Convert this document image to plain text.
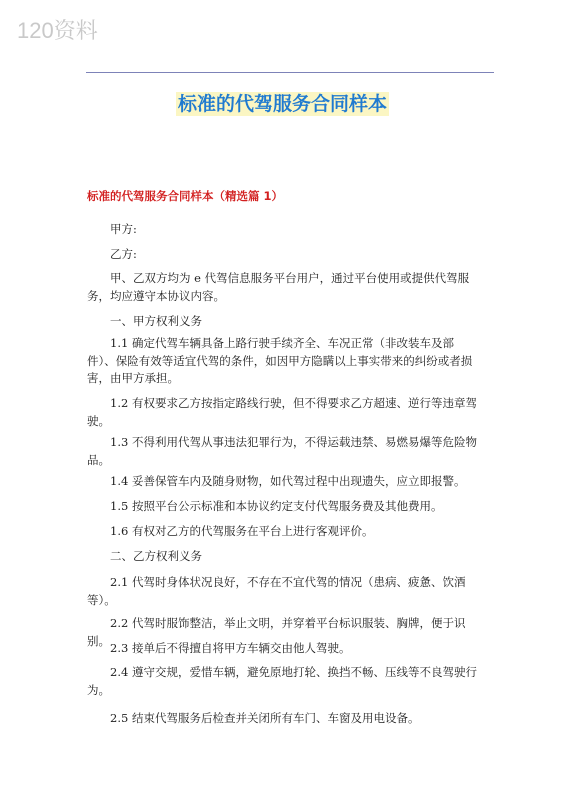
120资料
标准的代驾服务合同样本
标准的代驾服务合同样本（精选篇 1）

甲方:

乙方:

甲、乙双方均为 e 代驾信息服务平台用户，通过平台使用或提供代驾服务，均应遵守本协议内容。

一、甲方权利义务

1.1 确定代驾车辆具备上路行驶手续齐全、车况正常（非改装车及部件）、保险有效等适宜代驾的条件，如因甲方隐瞒以上事实带来的纠纷或者损害，由甲方承担。

1.2 有权要求乙方按指定路线行驶，但不得要求乙方超速、逆行等违章驾驶。

1.3 不得利用代驾从事违法犯罪行为，不得运载违禁、易燃易爆等危险物品。

1.4 妥善保管车内及随身财物，如代驾过程中出现遗失，应立即报警。

1.5 按照平台公示标准和本协议约定支付代驾服务费及其他费用。

1.6 有权对乙方的代驾服务在平台上进行客观评价。

二、乙方权利义务

2.1 代驾时身体状况良好，不存在不宜代驾的情况（患病、疲惫、饮酒等）。

2.2 代驾时服饰整洁，举止文明，并穿着平台标识服装、胸牌，便于识别。

2.3 接单后不得擅自将甲方车辆交由他人驾驶。

2.4 遵守交规，爱惜车辆，避免原地打轮、换挡不畅、压线等不良驾驶行为。

2.5 结束代驾服务后检查并关闭所有车门、车窗及用电设备。
